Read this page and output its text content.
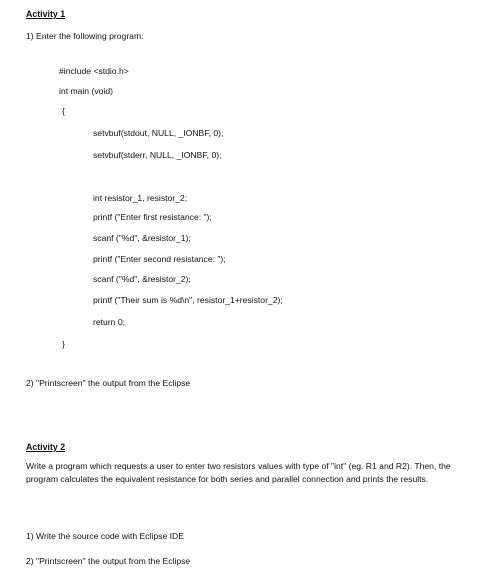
Activity 1
1) Enter the following program:
#include <stdio.h>
int main (void)
{
setvbuf(stdout, NULL, _IONBF, 0);
setvbuf(stderr, NULL, _IONBF, 0);
int resistor_1, resistor_2;
printf ("Enter first resistance: ");
scanf ("%d", &resistor_1);
printf ("Enter second resistance: ");
scanf ("%d", &resistor_2);
printf ("Their sum is %d\n", resistor_1+resistor_2);
return 0;
}
2) "Printscreen" the output from the Eclipse
Activity 2
Write a program which requests a user to enter two resistors values with type of "int" (eg. R1 and R2). Then, the program calculates the equivalent resistance for both series and parallel connection and prints the results.
1) Write the source code with Eclipse IDE
2) "Printscreen" the output from the Eclipse
